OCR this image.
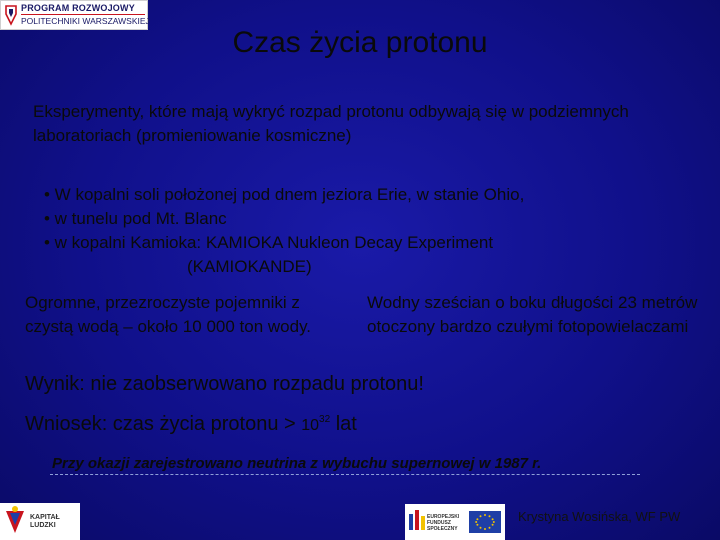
PROGRAM ROZWOJOWY
POLITECHNIKI WARSZAWSKIEJ
Czas życia protonu
Eksperymenty, które mają wykryć rozpad protonu odbywają się w podziemnych laboratoriach (promieniowanie kosmiczne)
• W kopalni soli położonej pod dnem jeziora Erie, w stanie Ohio,
• w tunelu pod Mt. Blanc
• w kopalni Kamioka: KAMIOKA Nukleon Decay Experiment
(KAMIOKANDE)
Ogromne, przezroczyste pojemniki z czystą wodą – około 10 000 ton wody.
Wodny sześcian o boku długości 23 metrów otoczony bardzo czułymi fotopowielaczami
Wynik: nie zaobserwowano rozpadu protonu!
Wniosek: czas życia protonu > $10^{32}$ lat
Przy okazji zarejestrowano neutrina z wybuchu supernowej w 1987 r.
KAPITAŁ LUDZKI
EUROPEJSKI FUNDUSZ SPOŁECZNY
Krystyna Wosińska, WF PW
